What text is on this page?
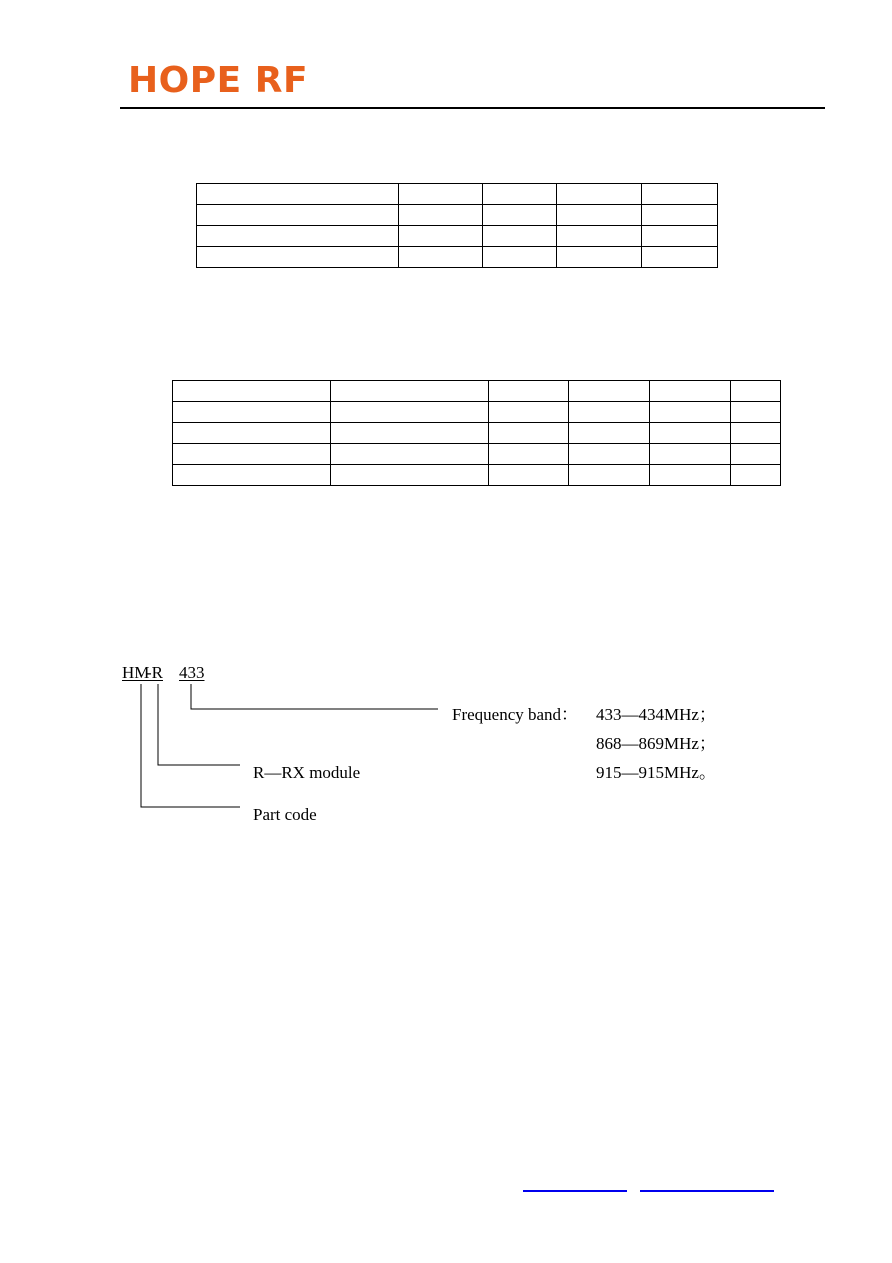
HOPE RF

HM
-R 433
Frequency band： 433—434MHz；
868—869MHz；
915—915MHz。
R—RX module
Part code
